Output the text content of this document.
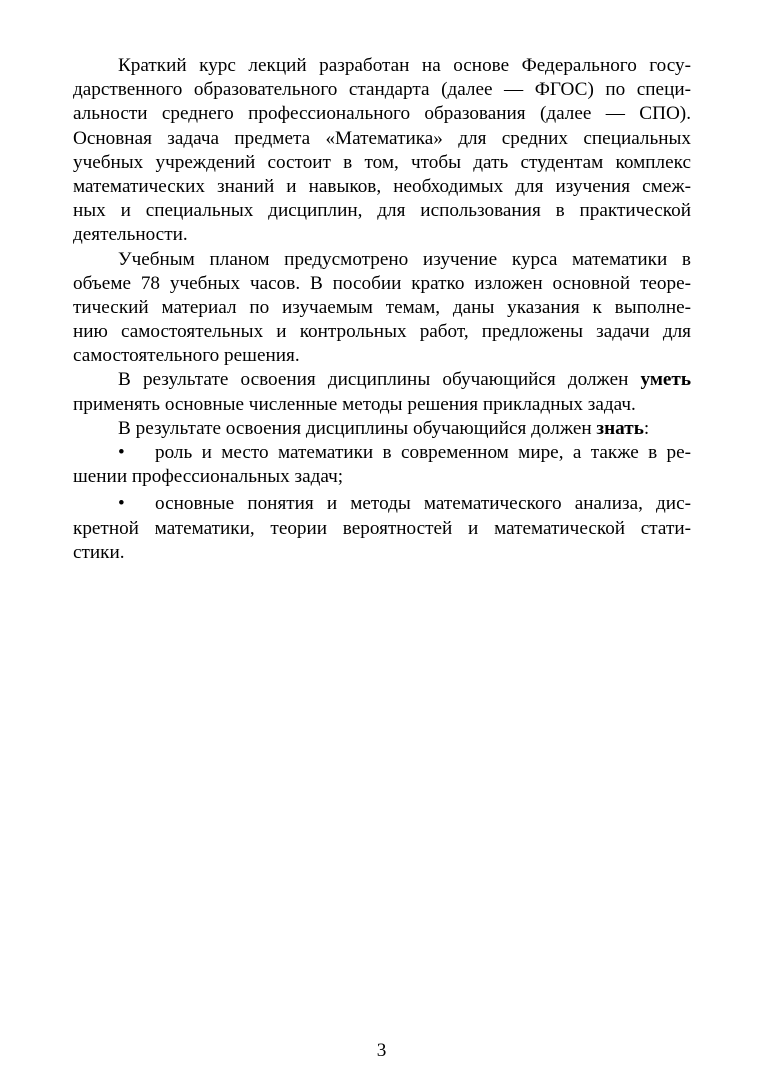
Краткий курс лекций разработан на основе Федерального госу-
дарственного образовательного стандарта (далее — ФГОС) по специ-
альности среднего профессионального образования (далее — СПО).
Основная задача предмета «Математика» для средних специальных
учебных учреждений состоит в том, чтобы дать студентам комплекс
математических знаний и навыков, необходимых для изучения смеж-
ных и специальных дисциплин, для использования в практической
деятельности.
Учебным планом предусмотрено изучение курса математики в
объеме 78 учебных часов. В пособии кратко изложен основной теоре-
тический материал по изучаемым темам, даны указания к выполне-
нию самостоятельных и контрольных работ, предложены задачи для
самостоятельного решения.
В результате освоения дисциплины обучающийся должен уметь
применять основные численные методы решения прикладных задач.
В результате освоения дисциплины обучающийся должен знать:
•	роль и место математики в современном мире, а также в ре-
шении профессиональных задач;
•	основные понятия и методы математического анализа, дис-
кретной математики, теории вероятностей и математической стати-
стики.
3
